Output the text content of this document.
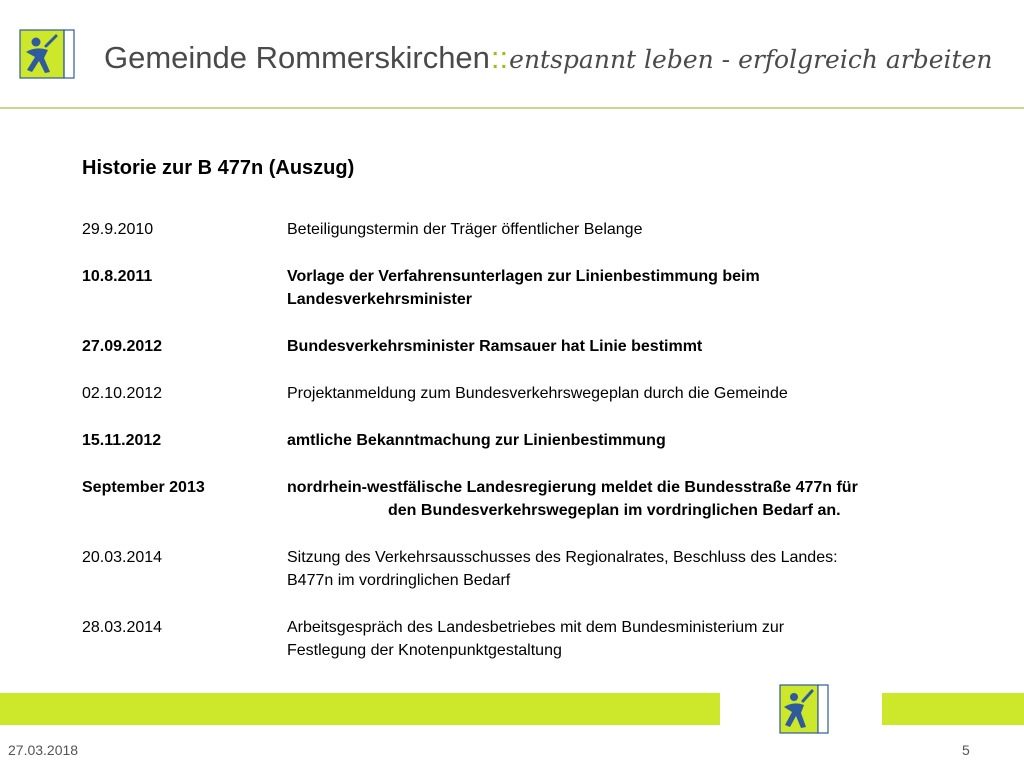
Gemeinde Rommerskirchen::entspannt leben - erfolgreich arbeiten
Historie zur B 477n (Auszug)
29.9.2010	Beteiligungstermin der Träger öffentlicher Belange
10.8.2011	Vorlage der Verfahrensunterlagen zur Linienbestimmung beim
Landesverkehrsminister
27.09.2012	Bundesverkehrsminister Ramsauer hat Linie bestimmt
02.10.2012	Projektanmeldung zum Bundesverkehrswegeplan durch die Gemeinde
15.11.2012	amtliche Bekanntmachung zur Linienbestimmung
September 2013	nordrhein-westfälische Landesregierung meldet die Bundesstraße 477n für
den Bundesverkehrswegeplan im vordringlichen Bedarf an.
20.03.2014	Sitzung des Verkehrsausschusses des Regionalrates, Beschluss des Landes:
B477n im vordringlichen Bedarf
28.03.2014	Arbeitsgespräch des Landesbetriebes mit dem Bundesministerium zur
Festlegung der Knotenpunktgestaltung
27.03.2018	5
